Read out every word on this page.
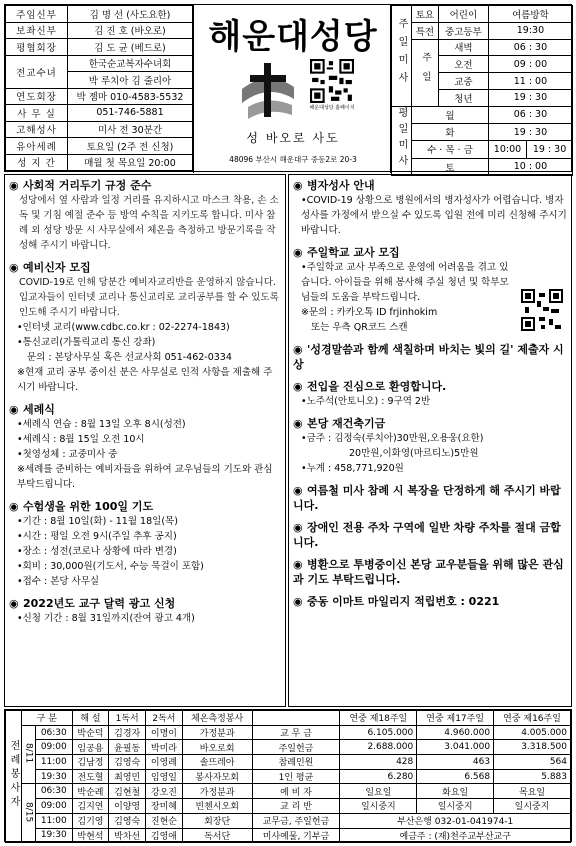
주임신부	김 명 선 (사도요한)
보좌신부	김 진 호 (바오로)
평협회장	김 도 균 (베드로)
전교수녀	한국순교복자수녀회
	박 루치아 김 줄리아
연도회장	박 젬마 010-4583-5532
사 무 실	051-746-5881
고해성사	미사 전 30분간
유아세례	토요일 (2주 전 신청)
성 지 간	매월 첫 목요일 20:00
해운대성당
해운대성당 홈페이지
성 바오로 사도
48096 부산시 해운대구 중동2로 20-3
주일미사	토요	어린이	여름방학	
	특전	중고등부	19:30	
	주일	새벽	06 : 30	
		오전	09 : 00	
		교중	11 : 00	
		청년	19 : 30	
평일미사	월		06 : 30	
	화		19 : 30	
	수 · 목 · 금		10:00	19 : 30
	토		10 : 00	
◉ 사회적 거리두기 규정 준수

성당에서 옆 사람과 일정 거리를 유지하시고 마스크 착용, 손 소독 및 기침 예절 준수 등 방역 수칙을 지키도록 합니다. 미사 참례 외 성당 방문 시 사무실에서 체온을 측정하고 방문기록을 작성해 주시기 바랍니다.

◉ 예비신자 모집

COVID-19로 인해 당분간 예비자교리반을 운영하지 않습니다. 입교자들이 인터넷 교리나 통신교리로 교리공부를 할 수 있도록 인도해 주시기 바랍니다.

• 인터넷 교리(www.cdbc.co.kr : 02-2274-1843)
• 통신교리(가톨릭교리 통신 강좌)
문의 : 본당사무실 혹은 선교사회 051-462-0334
※ 현재 교리 공부 중이신 분은 사무실로 인적 사항을 제출해 주시기 바랍니다.
◉ 세례식
• 세례식 연습 : 8월 13일 오후 8시(성전)
• 세례식 : 8월 15일 오전 10시
• 첫영성체 : 교중미사 중
※ 세례를 준비하는 예비자들을 위하여 교우님들의 기도와 관심 부탁드립니다.
◉ 수험생을 위한 100일 기도
• 기간 : 8월 10일(화) - 11월 18일(목)
• 시간 : 평일 오전 9시(주일 추후 공지)
• 장소 : 성전(코로나 상황에 따라 변경)
• 회비 : 30,000원(기도서, 수능 묵걸이 포함)
• 접수 : 본당 사무실
◉ 2022년도 교구 달력 광고 신청
• 신청 기간 : 8월 31일까지(잔여 광고 4개)
◉ 병자성사 안내
• COVID-19 상황으로 병원에서의 병자성사가 어렵습니다. 병자성사를 가정에서 받으실 수 있도록 입원 전에 미리 신청해 주시기 바랍니다.
◉ 주일학교 교사 모집
• 주일학교 교사 부족으로 운영에 어려움을 겪고 있습니다. 아이들을 위해 봉사해 주실 청년 및 학부모님들의 도움을 부탁드립니다.
※ 문의 : 카카오톡 ID frjinhokim
또는 우측 QR코드 스캔
◉ '성경말씀과 함께 색칠하며 바치는 빛의 길' 제출자 시상
◉ 전입을 진심으로 환영합니다.
• 노주석(안토니오) : 9구역 2반
◉ 본당 재건축기금
• 금주 : 김정숙(루치아)30만원,오용웅(요한)
20만원,이화영(마르티노)5만원
• 누계 : 458,771,920원
◉ 여름철 미사 참례 시 복장을 단정하게 해 주시기 바랍니다.
◉ 장애인 전용 주차 구역에 일반 차량 주차를 절대 금합니다.
◉ 병환으로 투병중이신 본당 교우분들을 위해 많은 관심과 기도 부탁드립니다.
◉ 중동 이마트 마일리지 적립번호 : 0221
전례봉사자	구 분		해 설	1독서	2독서	체온측정봉사		연중 제18주일	연중 제17주일	연중 제16주일
	8/11	06:30	박순덕	김경자	이명이	가정분과	교 무 금	6.105.000	4.960.000	4.005.000
		09:00	임공용	윤필동	박미라	바오로회	주일헌금	2.688.000	3.041.000	3.318.500
		11:00	김남정	김영숙	이영례	솔뜨레아	참례인원	428	463	564
		19:30	전도혈	최영민	임영일	봉사자모회	1인 평균	6.280	6.568	5.883
	8/15	06:30	박순례	김현철	강오진	가정분과	예 비 자	일요일	화요일	목요일
		09:00	김지연	이양영	장미혜	빈첸시오회	교 리 반	일시중지	일시중지	일시중지
		11:00	김기영	김영숙	진현순	회장단	교무금, 주일헌금	부산은행 032-01-041974-1		
		19:30	박현석	박차선	김영애	독서단	미사예물, 기부금	예금주 : (재)천주교부산교구		
